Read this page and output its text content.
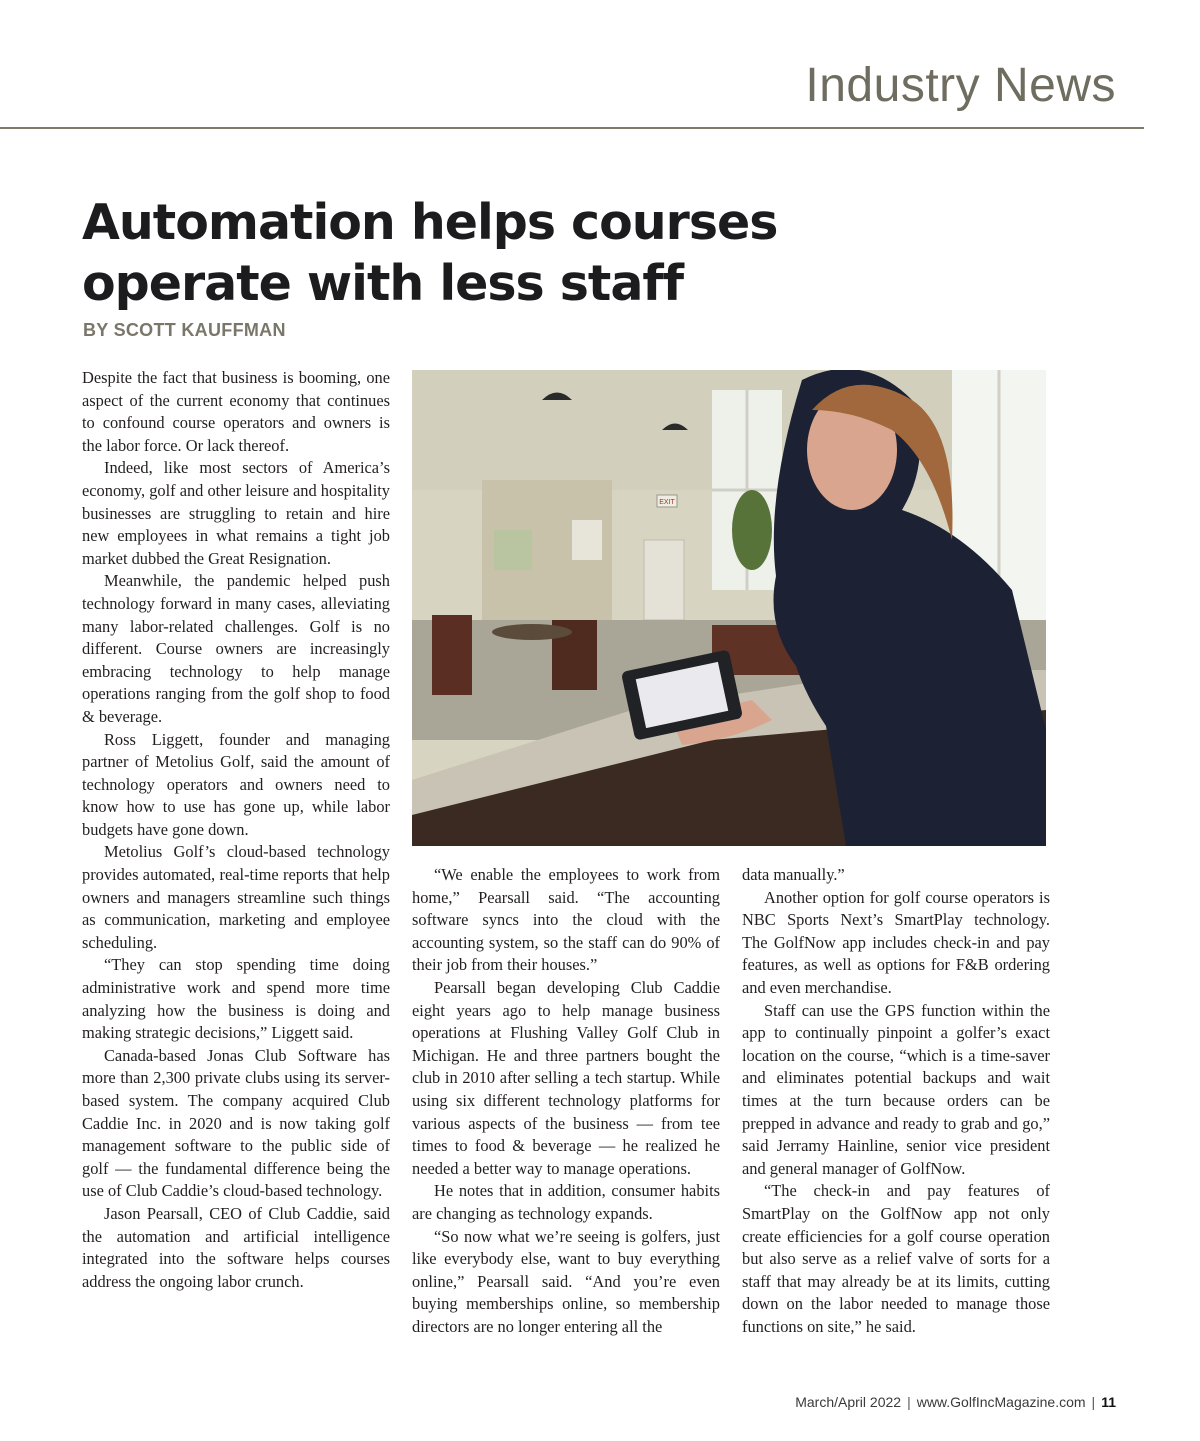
Industry News
Automation helps courses operate with less staff
BY SCOTT KAUFFMAN

Despite the fact that business is booming, one aspect of the current economy that continues to confound course operators and owners is the labor force. Or lack thereof.

Indeed, like most sectors of America’s economy, golf and other leisure and hospitality businesses are struggling to retain and hire new employees in what remains a tight job market dubbed the Great Resignation.

Meanwhile, the pandemic helped push technology forward in many cases, alleviating many labor-related challenges. Golf is no different. Course owners are increasingly embracing technology to help manage operations ranging from the golf shop to food & beverage.

Ross Liggett, founder and managing partner of Metolius Golf, said the amount of technology operators and owners need to know how to use has gone up, while labor budgets have gone down.

Metolius Golf’s cloud-based technology provides automated, real-time reports that help owners and managers streamline such things as communication, marketing and employee scheduling.

“They can stop spending time doing administrative work and spend more time analyzing how the business is doing and making strategic decisions,” Liggett said.

Canada-based Jonas Club Software has more than 2,300 private clubs using its server-based system. The company acquired Club Caddie Inc. in 2020 and is now taking golf management software to the public side of golf — the fundamental difference being the use of Club Caddie’s cloud-based technology.

Jason Pearsall, CEO of Club Caddie, said the automation and artificial intelligence integrated into the software helps courses address the ongoing labor crunch.

EXIT

“We enable the employees to work from home,” Pearsall said. “The accounting software syncs into the cloud with the accounting system, so the staff can do 90% of their job from their houses.”

Pearsall began developing Club Caddie eight years ago to help manage business operations at Flushing Valley Golf Club in Michigan. He and three partners bought the club in 2010 after selling a tech startup. While using six different technology platforms for various aspects of the business — from tee times to food & beverage — he realized he needed a better way to manage operations.

He notes that in addition, consumer habits are changing as technology expands.

“So now what we’re seeing is golfers, just like everybody else, want to buy everything online,” Pearsall said. “And you’re even buying memberships online, so membership directors are no longer entering all the

data manually.”

Another option for golf course operators is NBC Sports Next’s SmartPlay technology. The GolfNow app includes check-in and pay features, as well as options for F&B ordering and even merchandise.

Staff can use the GPS function within the app to continually pinpoint a golfer’s exact location on the course, “which is a time-saver and eliminates potential backups and wait times at the turn because orders can be prepped in advance and ready to grab and go,” said Jerramy Hainline, senior vice president and general manager of GolfNow.

“The check-in and pay features of SmartPlay on the GolfNow app not only create efficiencies for a golf course operation but also serve as a relief valve of sorts for a staff that may already be at its limits, cutting down on the labor needed to manage those functions on site,” he said.

March/April 2022 | www.GolfIncMagazine.com | 11
